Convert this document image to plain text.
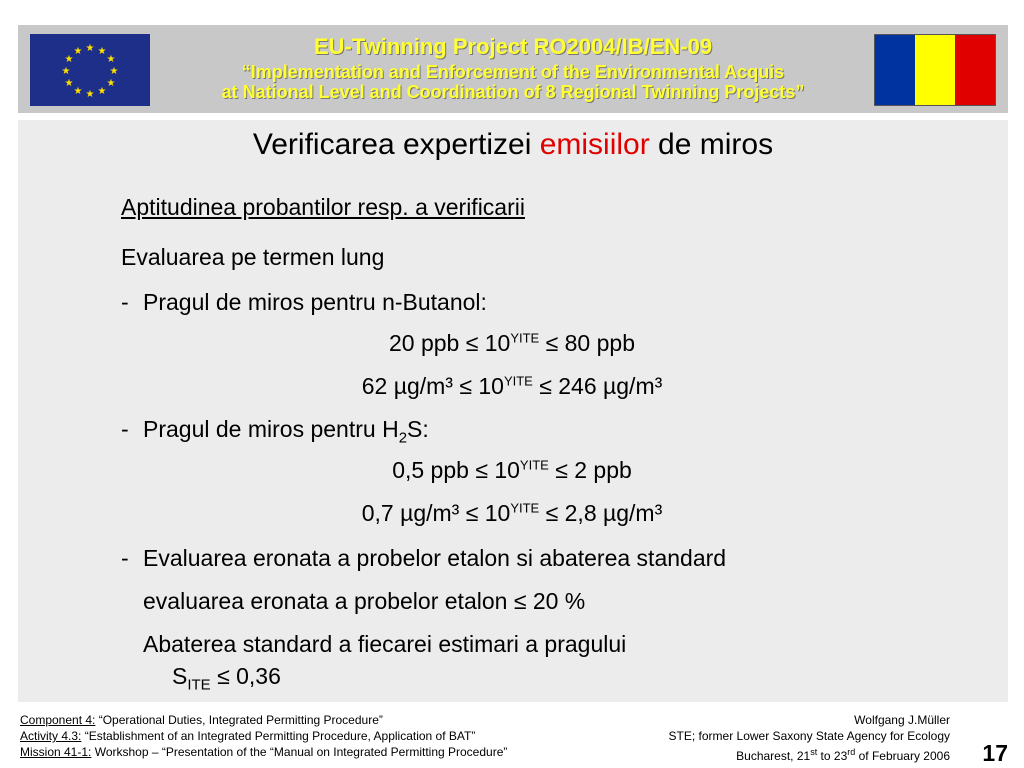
★ ★
★
★
★
★
★
★
★
★
★
★	EU-Twinning Project RO2004/IB/EN-09
“Implementation and Enforcement of the Environmental Acquis
at National Level and Coordination of 8 Regional Twinning Projects”
Verificarea expertizei emisiilor de miros
Aptitudinea probantilor resp. a verificarii
Evaluarea pe termen lung
- Pragul de miros pentru n-Butanol:
20 ppb ≤ $10^{YITE} \le 80$ ppb
62 $\mu g/m^3 \le 10^{YITE} \le 246$ µg/m³
- Pragul de miros pentru $H_2S$:
0,5 ppb ≤ $10^{YITE} \le 2$ ppb
0,7 $\mu g/m^3 \le 10^{YITE} \le 2,8$ µg/m³
- Evaluarea eronata a probelor etalon si abaterea standard
evaluarea eronata a probelor etalon ≤ 20 %
Abaterea standard a fiecarei estimari a pragului
$S_{ITE} \le 0,36$
Component 4: “Operational Duties, Integrated Permitting Procedure”
Activity 4.3: “Establishment of an Integrated Permitting Procedure, Application of BAT”
Mission 41-1: Workshop – “Presentation of the “Manual on Integrated Permitting Procedure”
Wolfgang J.Müller
STE; former Lower Saxony State Agency for Ecology
Bucharest, 21st to 23rd of February 2006 17
